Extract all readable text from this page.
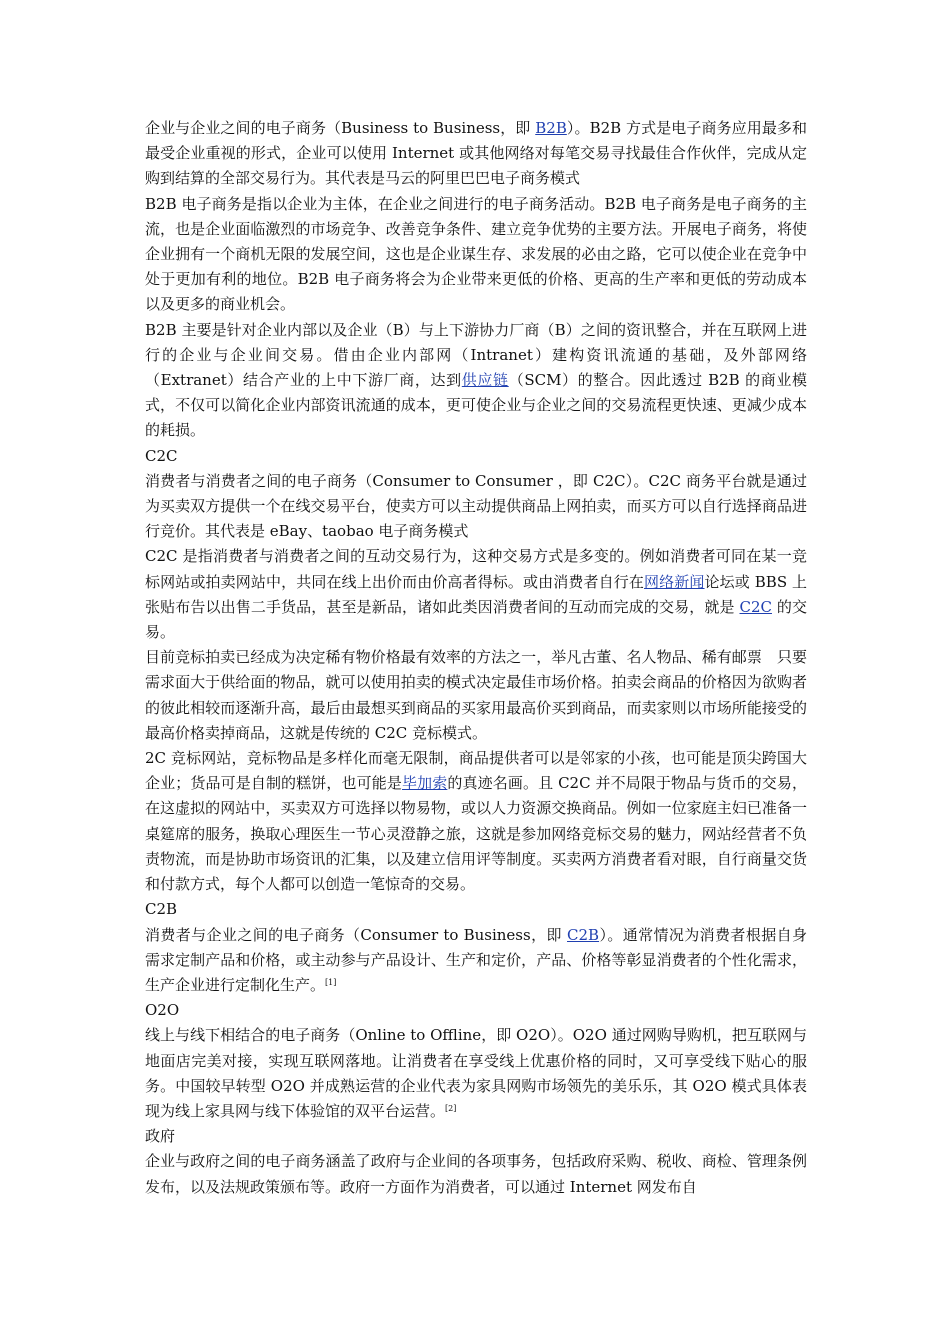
企业与企业之间的电子商务（Business to Business，即 B2B）。B2B 方式是电子商务应用最多和最受企业重视的形式，企业可以使用 Internet 或其他网络对每笔交易寻找最佳合作伙伴，完成从定购到结算的全部交易行为。其代表是马云的阿里巴巴电子商务模式

B2B 电子商务是指以企业为主体，在企业之间进行的电子商务活动。B2B 电子商务是电子商务的主流，也是企业面临激烈的市场竞争、改善竞争条件、建立竞争优势的主要方法。开展电子商务，将使企业拥有一个商机无限的发展空间，这也是企业谋生存、求发展的必由之路，它可以使企业在竞争中处于更加有利的地位。B2B 电子商务将会为企业带来更低的价格、更高的生产率和更低的劳动成本以及更多的商业机会。

B2B 主要是针对企业内部以及企业（B）与上下游协力厂商（B）之间的资讯整合，并在互联网上进行的企业与企业间交易。借由企业内部网（Intranet）建构资讯流通的基础，及外部网络（Extranet）结合产业的上中下游厂商，达到供应链（SCM）的整合。因此透过 B2B 的商业模式，不仅可以简化企业内部资讯流通的成本，更可使企业与企业之间的交易流程更快速、更减少成本的耗损。

C2C

消费者与消费者之间的电子商务（Consumer to Consumer ，即 C2C）。C2C 商务平台就是通过为买卖双方提供一个在线交易平台，使卖方可以主动提供商品上网拍卖，而买方可以自行选择商品进行竞价。其代表是 eBay、taobao 电子商务模式

C2C 是指消费者与消费者之间的互动交易行为，这种交易方式是多变的。例如消费者可同在某一竞标网站或拍卖网站中，共同在线上出价而由价高者得标。或由消费者自行在网络新闻论坛或 BBS 上张贴布告以出售二手货品，甚至是新品，诸如此类因消费者间的互动而完成的交易，就是 C2C 的交易。

目前竞标拍卖已经成为决定稀有物价格最有效率的方法之一，举凡古董、名人物品、稀有邮票　只要需求面大于供给面的物品，就可以使用拍卖的模式决定最佳市场价格。拍卖会商品的价格因为欲购者的彼此相较而逐渐升高，最后由最想买到商品的买家用最高价买到商品，而卖家则以市场所能接受的最高价格卖掉商品，这就是传统的 C2C 竞标模式。

2C 竞标网站，竞标物品是多样化而毫无限制，商品提供者可以是邻家的小孩，也可能是顶尖跨国大企业；货品可是自制的糕饼，也可能是毕加索的真迹名画。且 C2C 并不局限于物品与货币的交易，在这虚拟的网站中，买卖双方可选择以物易物，或以人力资源交换商品。例如一位家庭主妇已准备一桌筵席的服务，换取心理医生一节心灵澄静之旅，这就是参加网络竞标交易的魅力，网站经营者不负责物流，而是协助市场资讯的汇集，以及建立信用评等制度。买卖两方消费者看对眼，自行商量交货和付款方式，每个人都可以创造一笔惊奇的交易。

C2B

消费者与企业之间的电子商务（Consumer to Business，即 C2B）。通常情况为消费者根据自身需求定制产品和价格，或主动参与产品设计、生产和定价，产品、价格等彰显消费者的个性化需求，生产企业进行定制化生产。[1]

O2O

线上与线下相结合的电子商务（Online to Offline，即 O2O）。O2O 通过网购导购机，把互联网与地面店完美对接，实现互联网落地。让消费者在享受线上优惠价格的同时，又可享受线下贴心的服务。中国较早转型 O2O 并成熟运营的企业代表为家具网购市场领先的美乐乐，其 O2O 模式具体表现为线上家具网与线下体验馆的双平台运营。[2]

政府

企业与政府之间的电子商务涵盖了政府与企业间的各项事务，包括政府采购、税收、商检、管理条例发布，以及法规政策颁布等。政府一方面作为消费者，可以通过 Internet 网发布自
